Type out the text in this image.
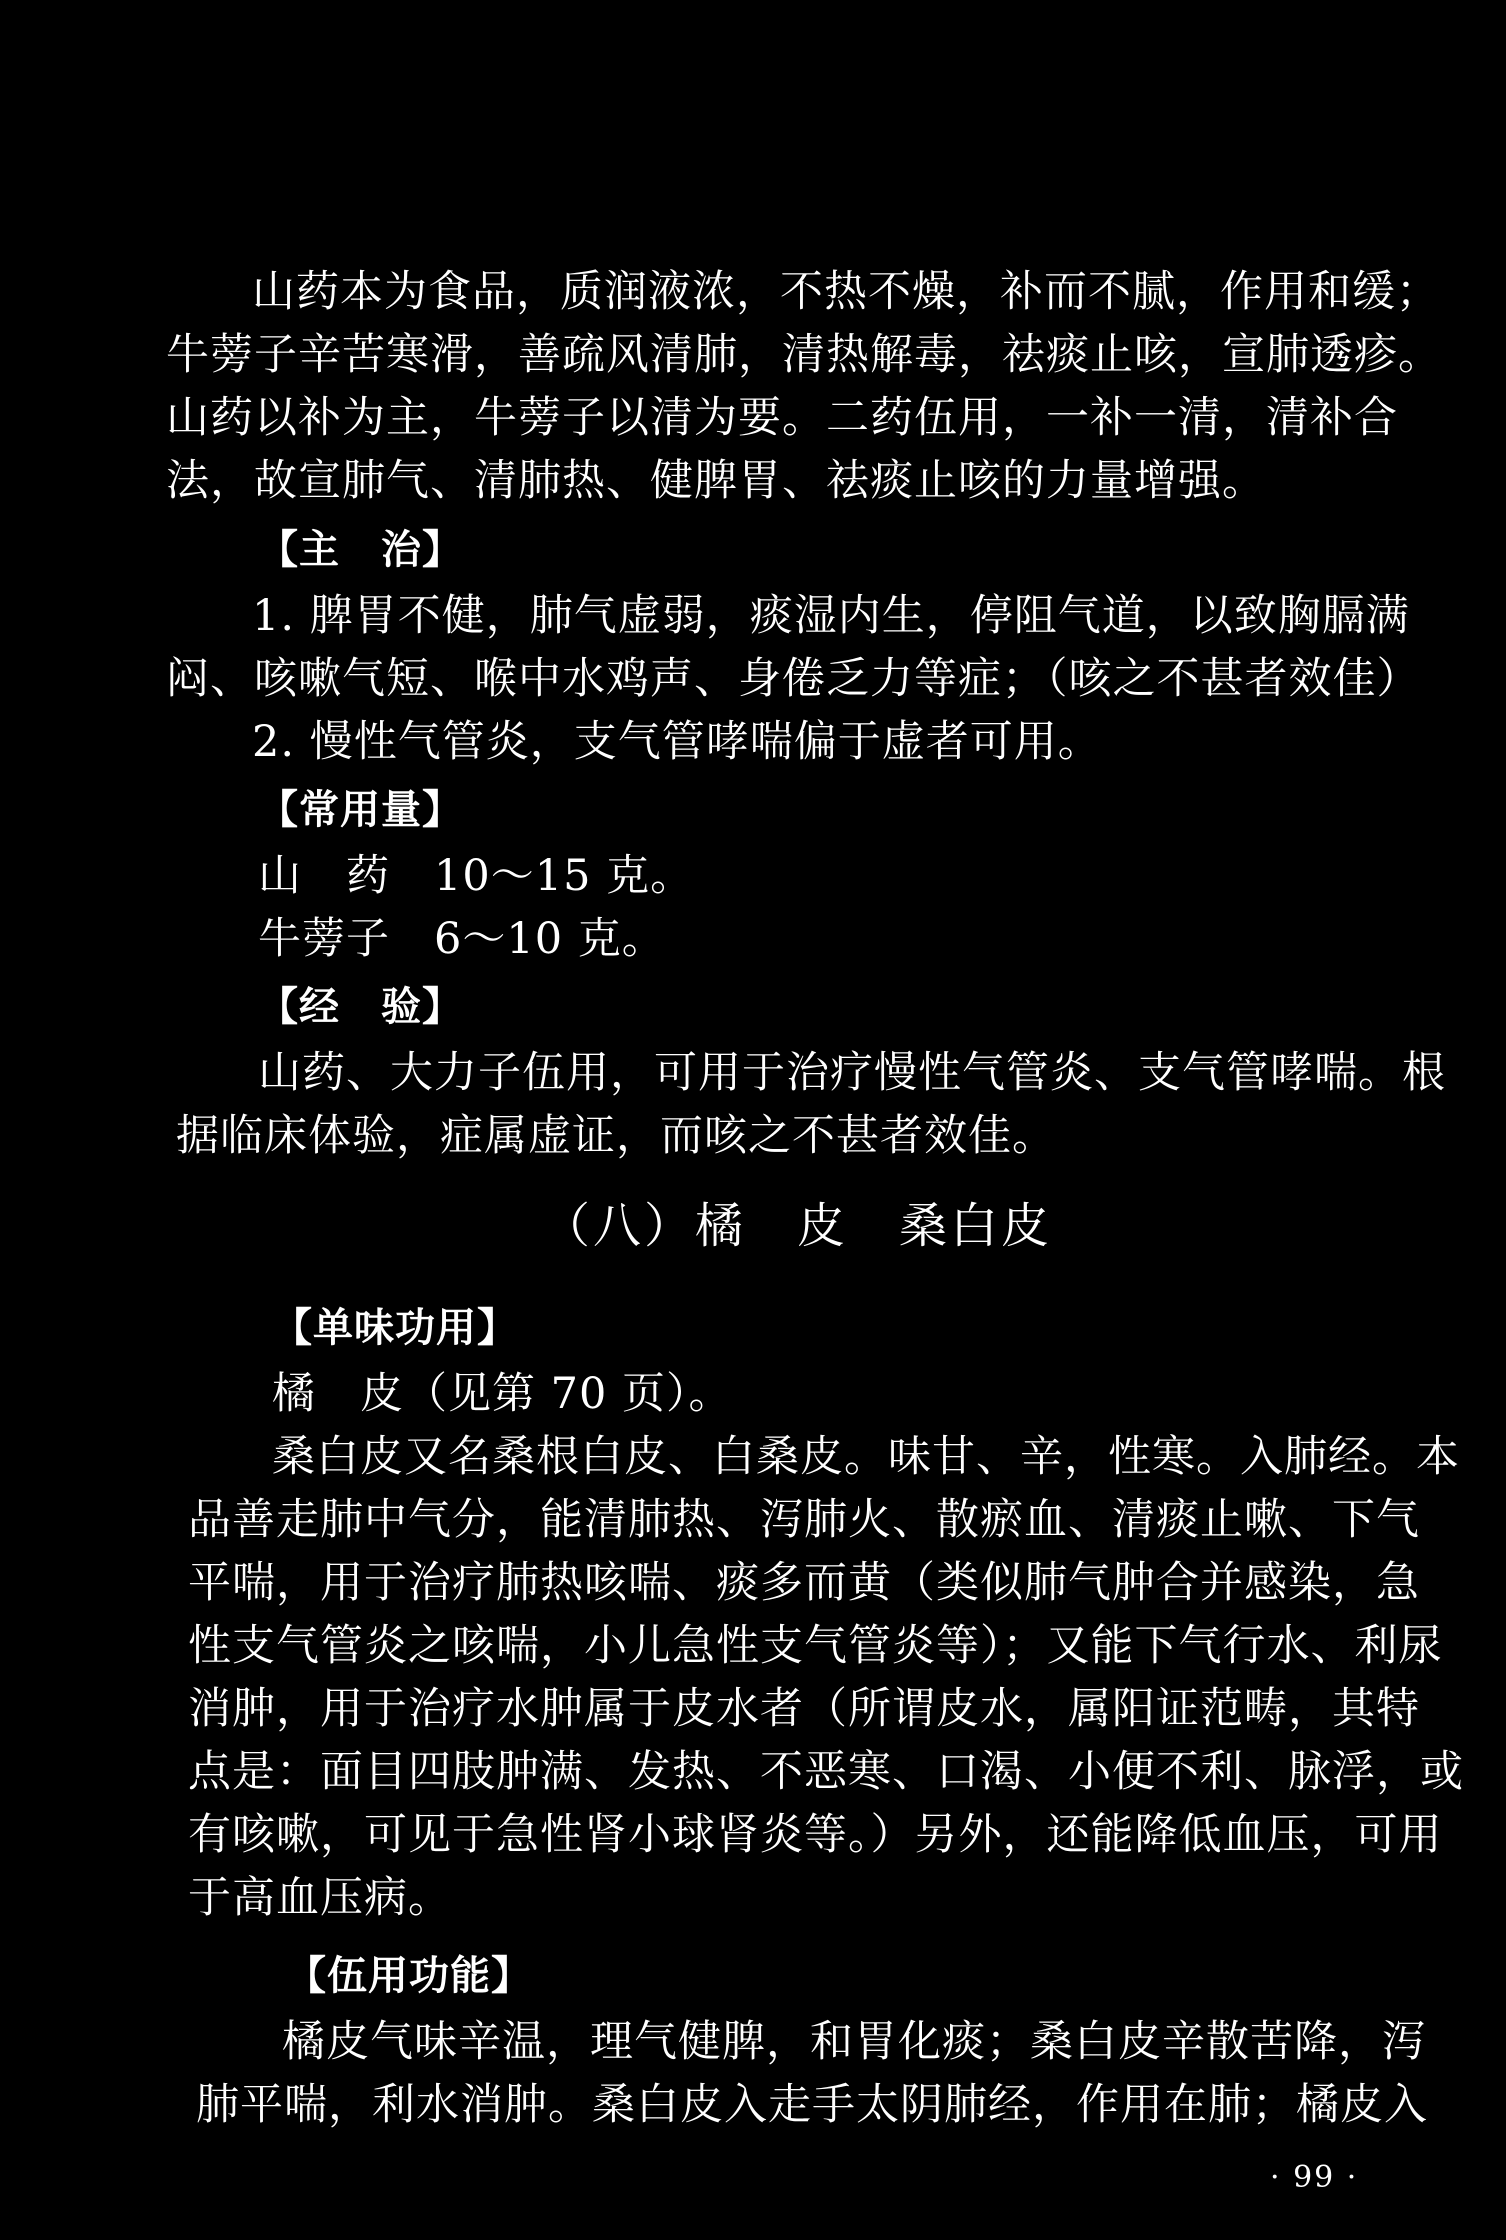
山药本为食品，质润液浓，不热不燥，补而不腻，作用和缓；
牛蒡子辛苦寒滑，善疏风清肺，清热解毒，祛痰止咳，宣肺透疹。
山药以补为主，牛蒡子以清为要。二药伍用，一补一清，清补合
法，故宣肺气、清肺热、健脾胃、祛痰止咳的力量增强。
【主　治】
1. 脾胃不健，肺气虚弱，痰湿内生，停阻气道，以致胸膈满
闷、咳嗽气短、喉中水鸡声、身倦乏力等症；（咳之不甚者效佳）
2. 慢性气管炎，支气管哮喘偏于虚者可用。
【常用量】
山　药　10～15 克。
牛蒡子　6～10 克。
【经　验】
山药、大力子伍用，可用于治疗慢性气管炎、支气管哮喘。根
据临床体验，症属虚证，而咳之不甚者效佳。
（八）橘　皮　桑白皮
【单味功用】
橘　皮（见第 70 页）。
桑白皮又名桑根白皮、白桑皮。味甘、辛，性寒。入肺经。本
品善走肺中气分，能清肺热、泻肺火、散瘀血、清痰止嗽、下气
平喘，用于治疗肺热咳喘、痰多而黄（类似肺气肿合并感染，急
性支气管炎之咳喘，小儿急性支气管炎等）；又能下气行水、利尿
消肿，用于治疗水肿属于皮水者（所谓皮水，属阳证范畴，其特
点是：面目四肢肿满、发热、不恶寒、口渴、小便不利、脉浮，或
有咳嗽，可见于急性肾小球肾炎等。）另外，还能降低血压，可用
于高血压病。
【伍用功能】
橘皮气味辛温，理气健脾，和胃化痰；桑白皮辛散苦降，泻
肺平喘，利水消肿。桑白皮入走手太阴肺经，作用在肺；橘皮入
· 99 ·
